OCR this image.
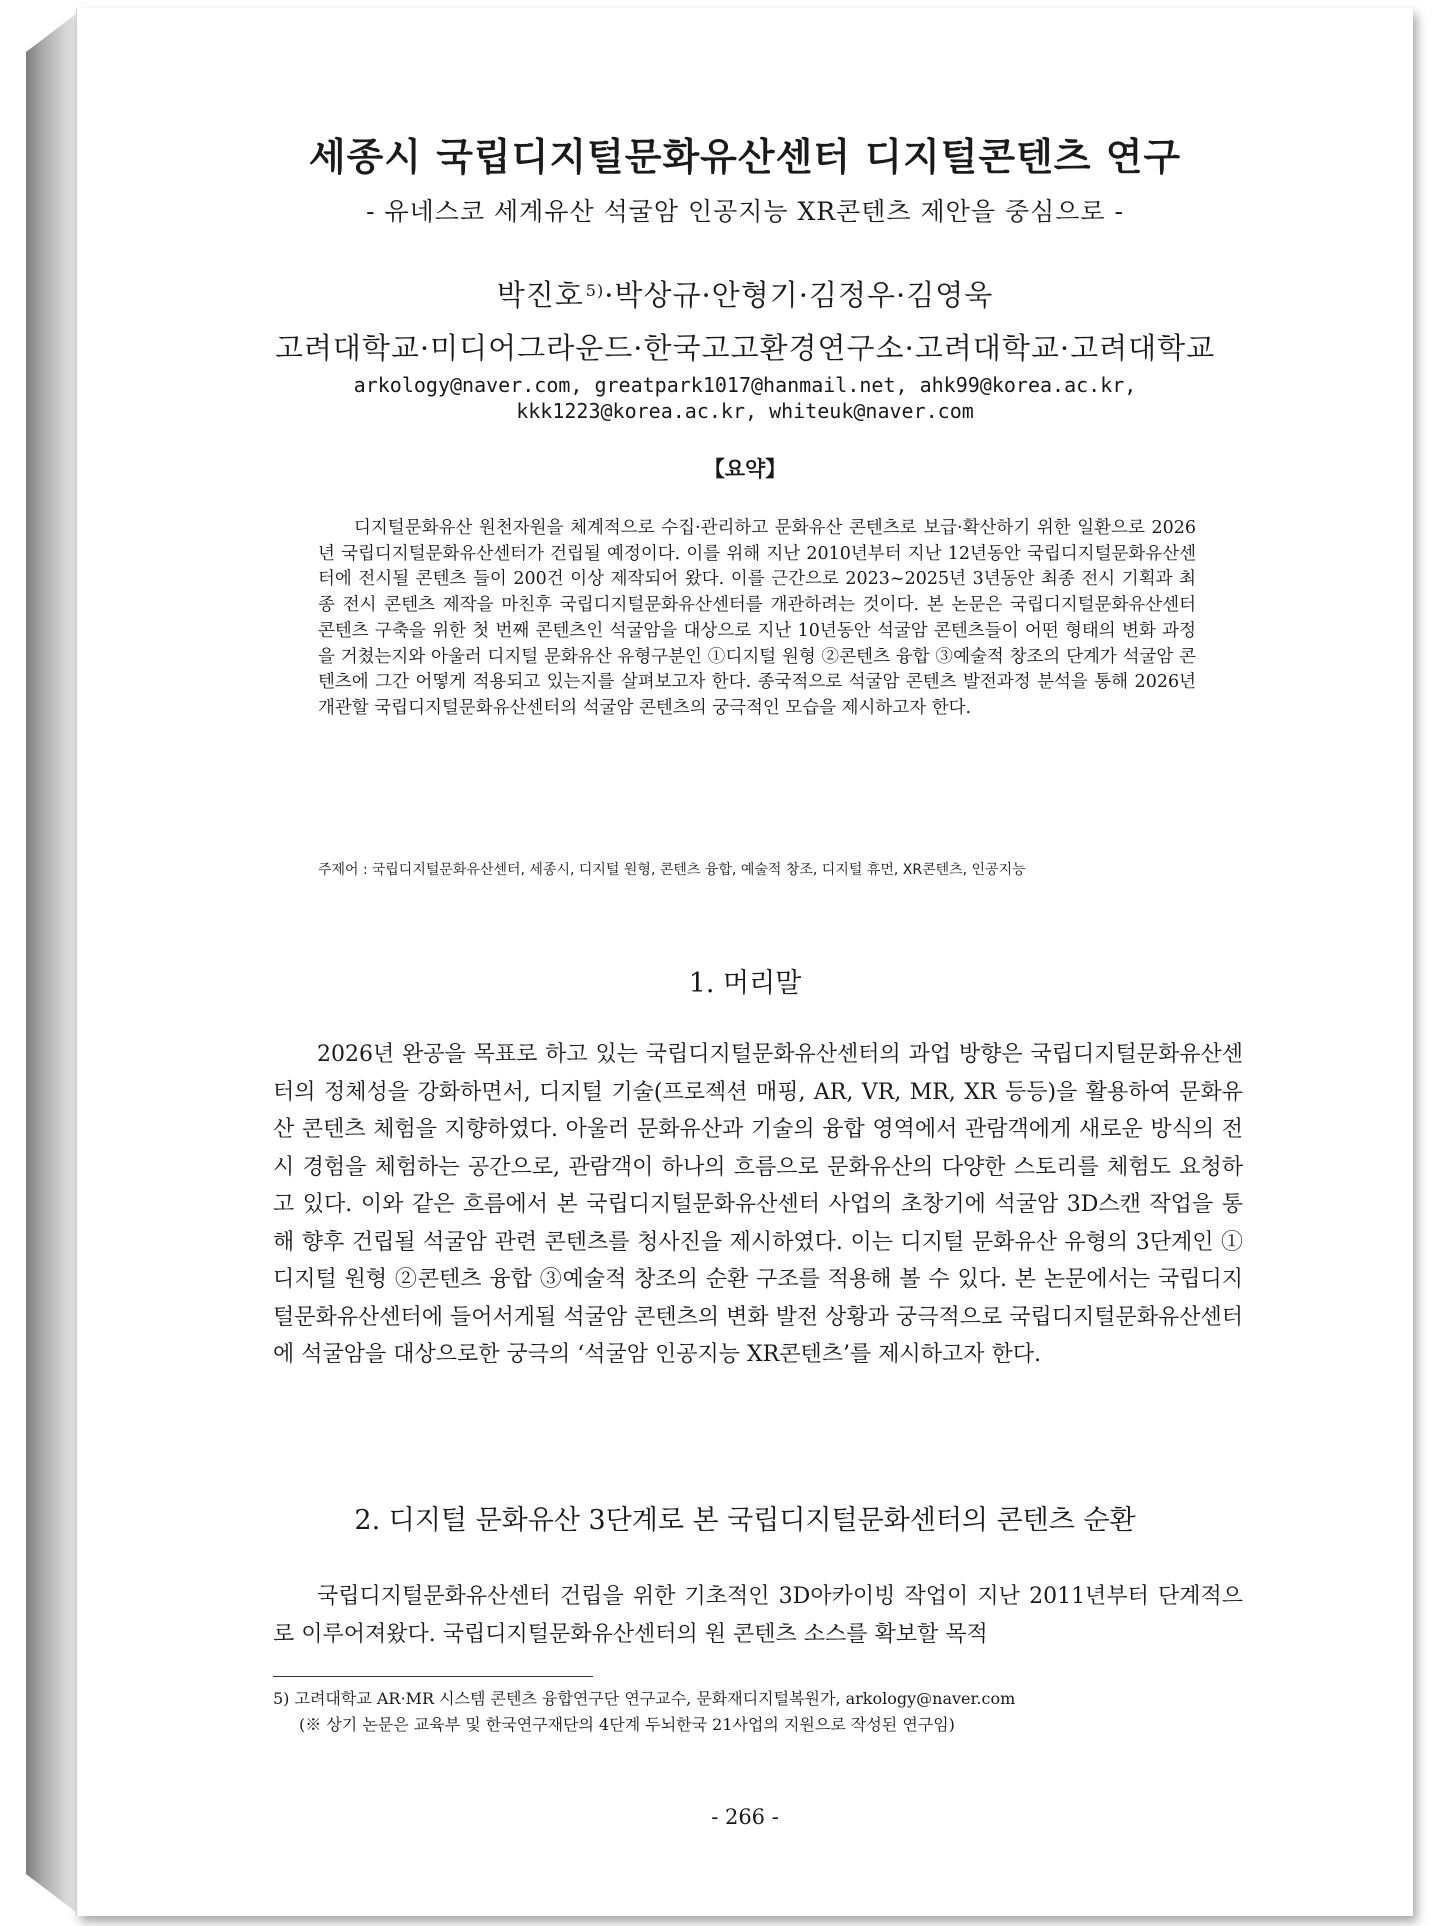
세종시 국립디지털문화유산센터 디지털콘텐츠 연구
- 유네스코 세계유산 석굴암 인공지능 XR콘텐츠 제안을 중심으로 -
박진호 $^{5)}$·박상규·안형기·김정우·김영욱
고려대학교·미디어그라운드·한국고고환경연구소·고려대학교·고려대학교
arkology@naver.com, greatpark1017@hanmail.net, ahk99@korea.ac.kr,
kkk1223@korea.ac.kr, whiteuk@naver.com
【요약】

디지털문화유산 원천자원을 체계적으로 수집·관리하고 문화유산 콘텐츠로 보급·확산하기 위한 일환으로 2026년 국립디지털문화유산센터가 건립될 예정이다. 이를 위해 지난 2010년부터 지난 12년동안 국립디지털문화유산센터에 전시될 콘텐츠 들이 200건 이상 제작되어 왔다. 이를 근간으로 2023~2025년 3년동안 최종 전시 기획과 최종 전시 콘텐츠 제작을 마친후 국립디지털문화유산센터를 개관하려는 것이다. 본 논문은 국립디지털문화유산센터 콘텐츠 구축을 위한 첫 번째 콘텐츠인 석굴암을 대상으로 지난 10년동안 석굴암 콘텐츠들이 어떤 형태의 변화 과정을 거쳤는지와 아울러 디지털 문화유산 유형구분인 ①디지털 원형 ②콘텐츠 융합 ③예술적 창조의 단계가 석굴암 콘텐츠에 그간 어떻게 적용되고 있는지를 살펴보고자 한다. 종국적으로 석굴암 콘텐츠 발전과정 분석을 통해 2026년 개관할 국립디지털문화유산센터의 석굴암 콘텐츠의 궁극적인 모습을 제시하고자 한다.

주제어 : 국립디지털문화유산센터, 세종시, 디지털 원형, 콘텐츠 융합, 예술적 창조, 디지털 휴먼, XR콘텐츠, 인공지능
1. 머리말

2026년 완공을 목표로 하고 있는 국립디지털문화유산센터의 과업 방향은 국립디지털문화유산센터의 정체성을 강화하면서, 디지털 기술(프로젝션 매핑, AR, VR, MR, XR 등등)을 활용하여 문화유산 콘텐츠 체험을 지향하였다. 아울러 문화유산과 기술의 융합 영역에서 관람객에게 새로운 방식의 전시 경험을 체험하는 공간으로, 관람객이 하나의 흐름으로 문화유산의 다양한 스토리를 체험도 요청하고 있다. 이와 같은 흐름에서 본 국립디지털문화유산센터 사업의 초창기에 석굴암 3D스캔 작업을 통해 향후 건립될 석굴암 관련 콘텐츠를 청사진을 제시하였다. 이는 디지털 문화유산 유형의 3단계인 ①디지털 원형 ②콘텐츠 융합 ③예술적 창조의 순환 구조를 적용해 볼 수 있다. 본 논문에서는 국립디지털문화유산센터에 들어서게될 석굴암 콘텐츠의 변화 발전 상황과 궁극적으로 국립디지털문화유산센터에 석굴암을 대상으로한 궁극의 ‘석굴암 인공지능 XR콘텐츠’를 제시하고자 한다.

2. 디지털 문화유산 3단계로 본 국립디지털문화센터의 콘텐츠 순환

국립디지털문화유산센터 건립을 위한 기초적인 3D아카이빙 작업이 지난 2011년부터 단계적으로 이루어져왔다. 국립디지털문화유산센터의 원 콘텐츠 소스를 확보할 목적

5) 고려대학교 AR·MR 시스템 콘텐츠 융합연구단 연구교수, 문화재디지털복원가, arkology@naver.com
(※ 상기 논문은 교육부 및 한국연구재단의 4단계 두뇌한국 21사업의 지원으로 작성된 연구임)
- 266 -
